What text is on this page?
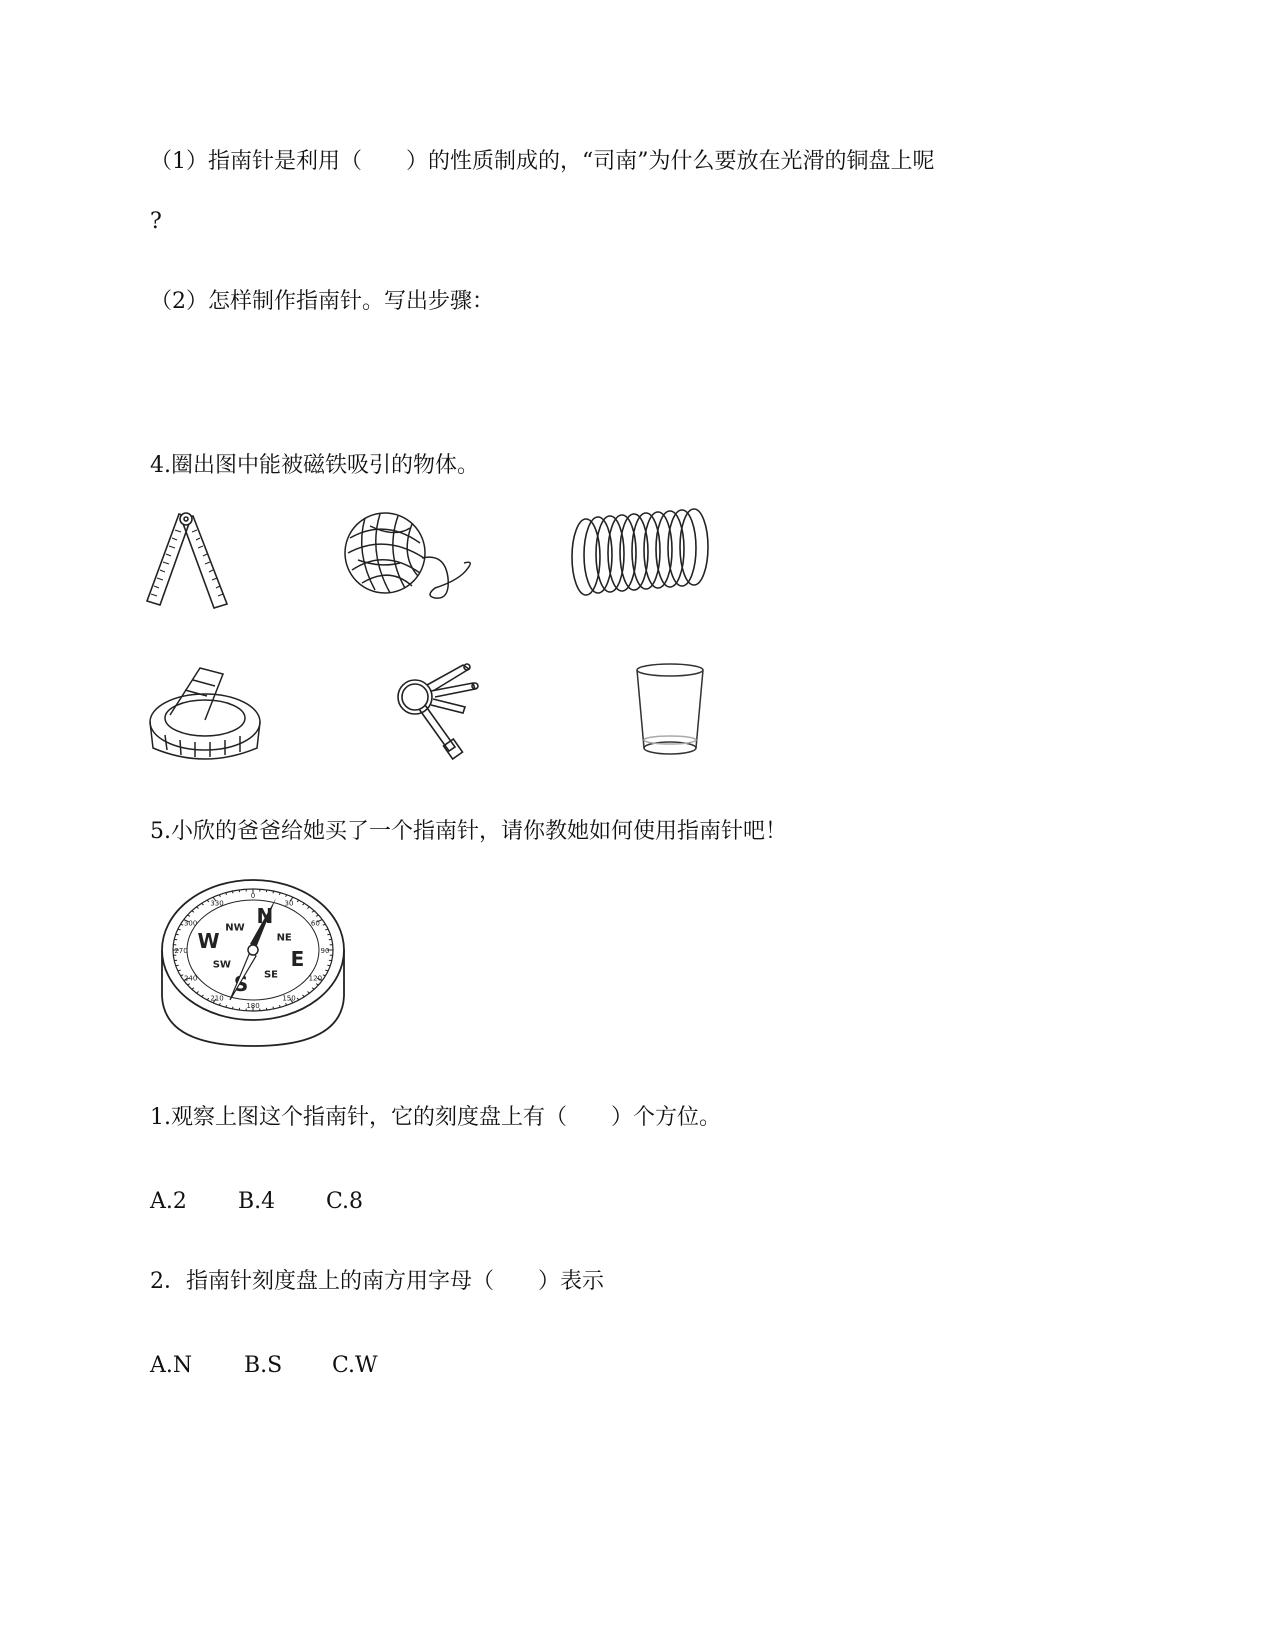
（1）指南针是利用（　　）的性质制成的，“司南”为什么要放在光滑的铜盘上呢

?

（2）怎样制作指南针。写出步骤：

4.圈出图中能被磁铁吸引的物体。
5.小欣的爸爸给她买了一个指南针，请你教她如何使用指南针吧！
N
E
S
W	NE
SE
SW
NW
0
30
60
90
120
150
180
210
240
270
300
330

1.观察上图这个指南针，它的刻度盘上有（　　）个方位。

A.2 B.4 C.8

2．指南针刻度盘上的南方用字母（　　）表示

A.N B.S C.W
